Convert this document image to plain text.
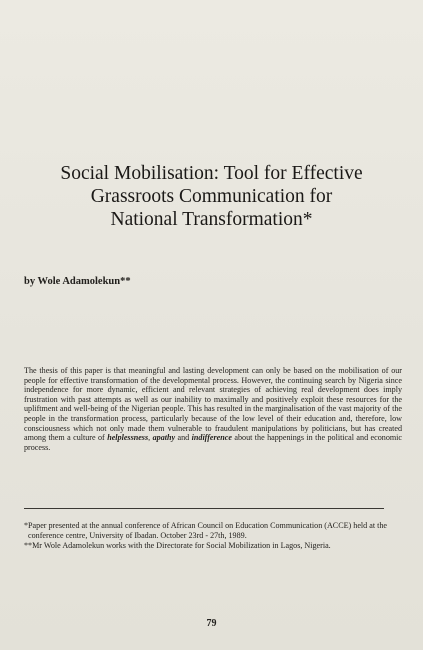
Social Mobilisation: Tool for Effective
Grassroots Communication for
National Transformation*
by Wole Adamolekun**

The thesis of this paper is that meaningful and lasting development can only be based on the mobilisation of our people for effective transformation of the developmental process. However, the continuing search by Nigeria since independence for more dynamic, efficient and relevant strategies of achieving real development does imply frustration with past attempts as well as our inability to maximally and positively exploit these resources for the upliftment and well-being of the Nigerian people. This has resulted in the marginalisation of the vast majority of the people in the transformation process, particularly because of the low level of their education and, therefore, low consciousness which not only made them vulnerable to fraudulent manipulations by politicians, but has created among them a culture of helplessness, apathy and indifference about the happenings in the political and economic process.

* Paper presented at the annual conference of African Council on Education Communication (ACCE) held at the conference centre, University of Ibadan. October 23rd - 27th, 1989.
** Mr Wole Adamolekun works with the Directorate for Social Mobilization in Lagos, Nigeria.
79
